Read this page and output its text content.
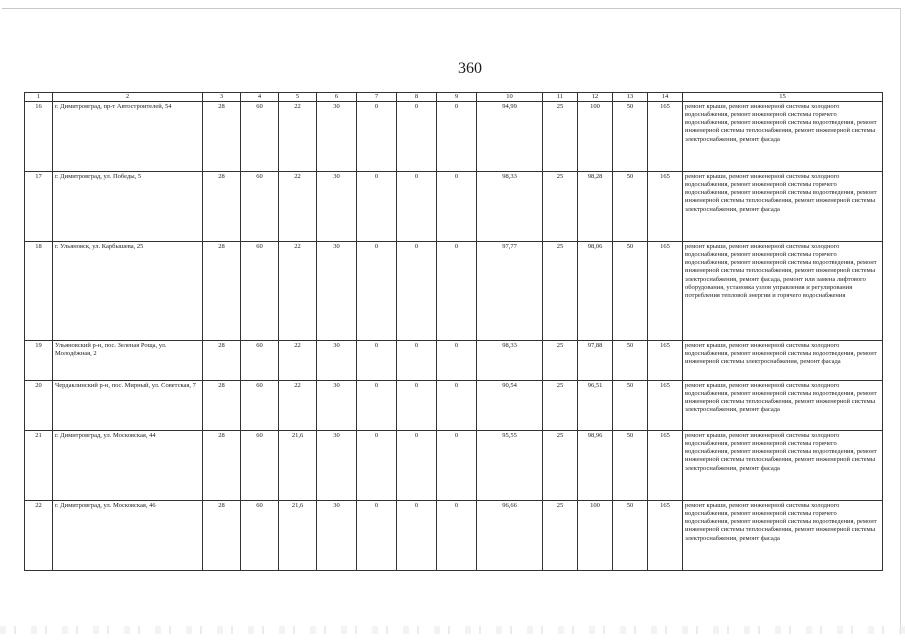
360
1	2	3	4	5	6	7	8	9	10	11	12	13	14	15
16	г. Димитровград, пр-т Автостроителей, 54	28	60	22	30	0	0	0	94,99	25	100	50	165	ремонт крыши, ремонт инженерной системы холодного водоснабжения, ремонт инженерной системы горячего водоснабжения, ремонт инженерной системы водоотведения, ремонт инженерной системы теплоснабжения, ремонт инженерной системы электроснабжения, ремонт фасада
17	г. Димитровград, ул. Победы, 5	28	60	22	30	0	0	0	98,33	25	98,28	50	165	ремонт крыши, ремонт инженерной системы холодного водоснабжения, ремонт инженерной системы горячего водоснабжения, ремонт инженерной системы водоотведения, ремонт инженерной системы теплоснабжения, ремонт инженерной системы электроснабжения, ремонт фасада
18	г. Ульяновск, ул. Карбышева, 25	28	60	22	30	0	0	0	97,77	25	98,06	50	165	ремонт крыши, ремонт инженерной системы холодного водоснабжения, ремонт инженерной системы горячего водоснабжения, ремонт инженерной системы водоотведения, ремонт инженерной системы теплоснабжения, ремонт инженерной системы электроснабжения, ремонт фасада, ремонт или замена лифтового оборудования, установка узлов управления и регулирования потребления тепловой энергии и горячего водоснабжения
19	Ульяновский р-н, пос. Зеленая Роща, ул. Молодёжная, 2	28	60	22	30	0	0	0	98,33	25	97,88	50	165	ремонт крыши, ремонт инженерной системы холодного водоснабжения, ремонт инженерной системы водоотведения, ремонт инженерной системы электроснабжения, ремонт фасада
20	Чердаклинский р-н, пос. Мирный, ул. Советская, 7	28	60	22	30	0	0	0	90,54	25	96,51	50	165	ремонт крыши, ремонт инженерной системы холодного водоснабжения, ремонт инженерной системы водоотведения, ремонт инженерной системы теплоснабжения, ремонт инженерной системы электроснабжения, ремонт фасада
21	г. Димитровград, ул. Московская, 44	28	60	21,6	30	0	0	0	95,55	25	98,96	50	165	ремонт крыши, ремонт инженерной системы холодного водоснабжения, ремонт инженерной системы горячего водоснабжения, ремонт инженерной системы водоотведения, ремонт инженерной системы теплоснабжения, ремонт инженерной системы электроснабжения, ремонт фасада
22	г. Димитровград, ул. Московская, 46	28	60	21,6	30	0	0	0	96,66	25	100	50	165	ремонт крыши, ремонт инженерной системы холодного водоснабжения, ремонт инженерной системы горячего водоснабжения, ремонт инженерной системы водоотведения, ремонт инженерной системы теплоснабжения, ремонт инженерной системы электроснабжения, ремонт фасада
